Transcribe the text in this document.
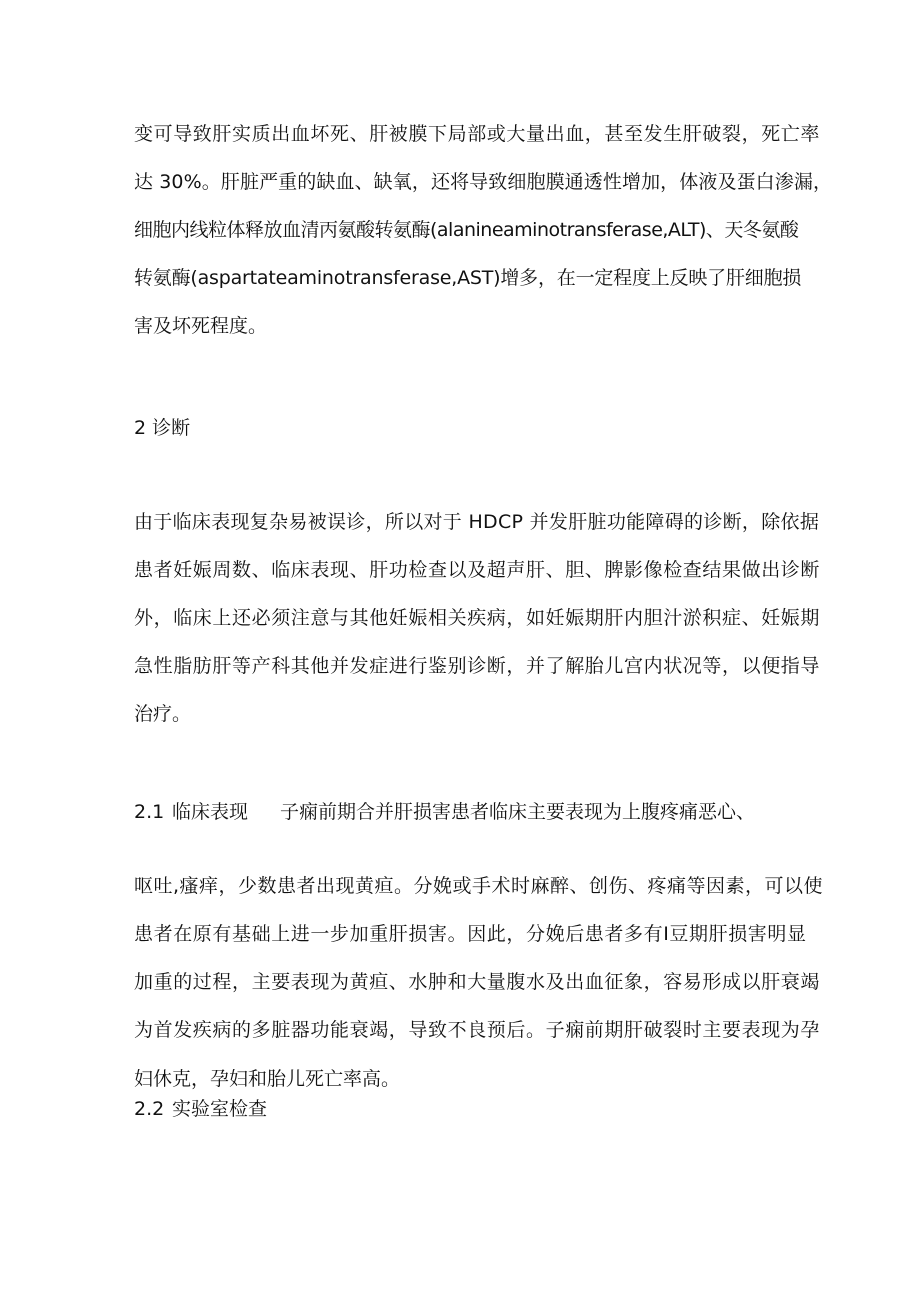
变可导致肝实质出血坏死、肝被膜下局部或大量出血，甚至发生肝破裂，死亡率

达 30%。肝脏严重的缺血、缺氧，还将导致细胞膜通透性增加，体液及蛋白渗漏，

细胞内线粒体释放血清丙氨酸转氨酶(alanineaminotransferase,ALT)、天冬氨酸

转氨酶(aspartateaminotransferase,AST)增多，在一定程度上反映了肝细胞损

害及坏死程度。

2 诊断

由于临床表现复杂易被误诊，所以对于 HDCP 并发肝脏功能障碍的诊断，除依据

患者妊娠周数、临床表现、肝功检查以及超声肝、胆、脾影像检查结果做出诊断

外，临床上还必须注意与其他妊娠相关疾病，如妊娠期肝内胆汁淤积症、妊娠期

急性脂肪肝等产科其他并发症进行鉴别诊断，并了解胎儿宫内状况等，以便指导

治疗。

2.1 临床表现 子痫前期合并肝损害患者临床主要表现为上腹疼痛恶心、

呕吐,瘙痒，少数患者出现黄疸。分娩或手术时麻醉、创伤、疼痛等因素，可以使

患者在原有基础上进一步加重肝损害。因此，分娩后患者多有Ⅰ豆期肝损害明显

加重的过程，主要表现为黄疸、水肿和大量腹水及出血征象，容易形成以肝衰竭

为首发疾病的多脏器功能衰竭，导致不良预后。子痫前期肝破裂时主要表现为孕

妇休克，孕妇和胎儿死亡率高。

2.2 实验室检查
